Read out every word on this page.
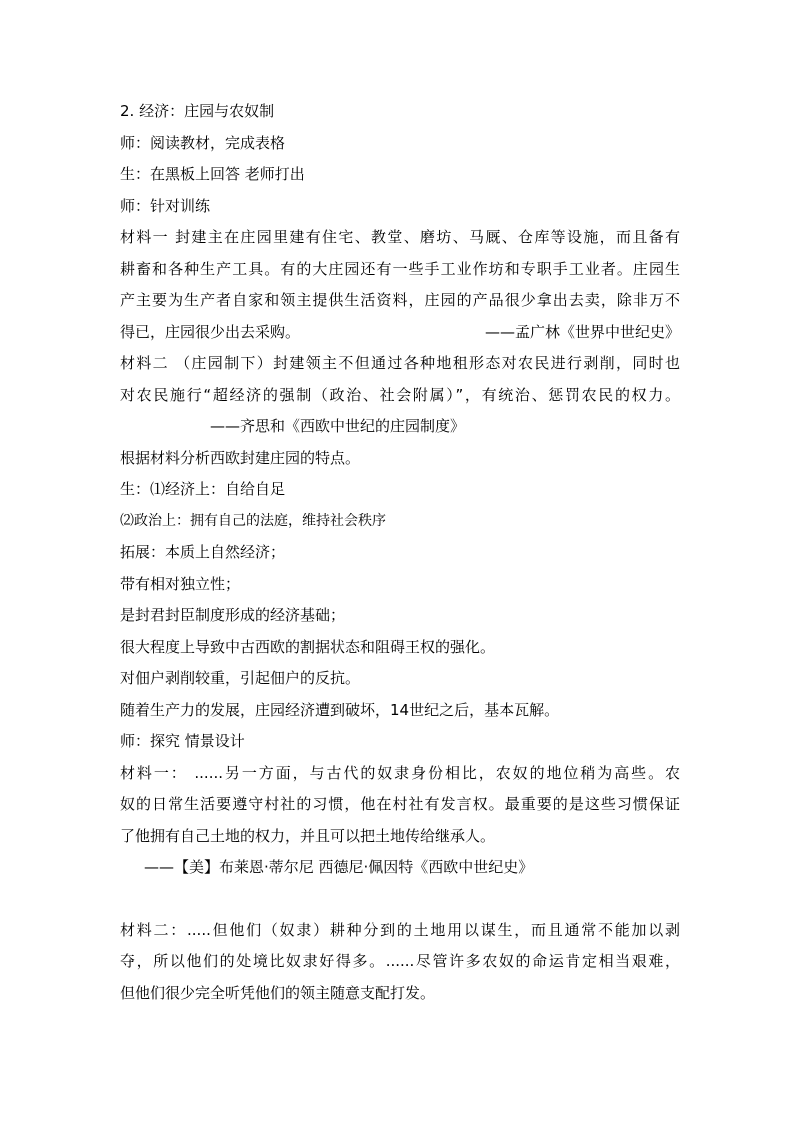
2. 经济：庄园与农奴制
师：阅读教材，完成表格
生：在黑板上回答 老师打出
师：针对训练
材料一 封建主在庄园里建有住宅、教堂、磨坊、马厩、仓库等设施，而且备有
耕畜和各种生产工具。有的大庄园还有一些手工业作坊和专职手工业者。庄园生
产主要为生产者自家和领主提供生活资料，庄园的产品很少拿出去卖，除非万不
得已，庄园很少出去采购。	——孟广林《世界中世纪史》
材料二 （庄园制下）封建领主不但通过各种地租形态对农民进行剥削，同时也
对农民施行“超经济的强制（政治、社会附属）”，有统治、惩罚农民的权力。
——齐思和《西欧中世纪的庄园制度》
根据材料分析西欧封建庄园的特点。
生：⑴经济上：自给自足
⑵政治上：拥有自己的法庭，维持社会秩序
拓展：本质上自然经济；
带有相对独立性；
是封君封臣制度形成的经济基础；
很大程度上导致中古西欧的割据状态和阻碍王权的强化。
对佃户剥削较重，引起佃户的反抗。
随着生产力的发展，庄园经济遭到破坏，14世纪之后，基本瓦解。
师：探究 情景设计
材料一： ......另一方面，与古代的奴隶身份相比，农奴的地位稍为高些。农
奴的日常生活要遵守村社的习惯，他在村社有发言权。最重要的是这些习惯保证
了他拥有自己土地的权力，并且可以把土地传给继承人。
——【美】布莱恩·蒂尔尼 西德尼·佩因特《西欧中世纪史》
材料二：.....但他们（奴隶）耕种分到的土地用以谋生，而且通常不能加以剥
夺，所以他们的处境比奴隶好得多。......尽管许多农奴的命运肯定相当艰难，
但他们很少完全听凭他们的领主随意支配打发。
